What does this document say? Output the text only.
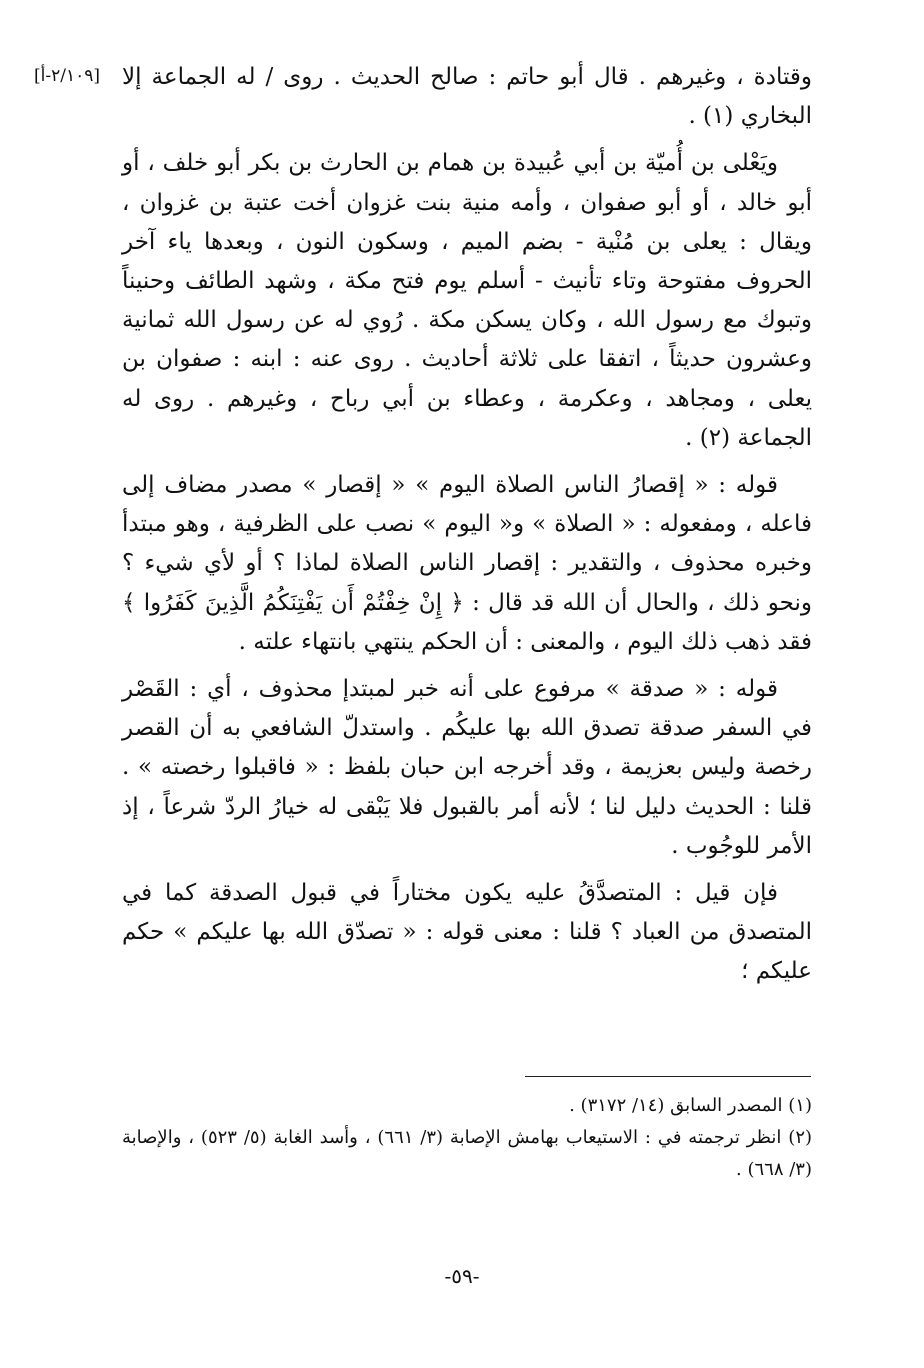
[٢/١٠٩-أ] وقتادة ، وغيرهم . قال أبو حاتم : صالح الحديث . روى / له الجماعة إلا البخاري (١) .

ويَعْلى بن أُميّة بن أبي عُبيدة بن همام بن الحارث بن بكر أبو خلف ، أو أبو خالد ، أو أبو صفوان ، وأمه منية بنت غزوان أخت عتبة بن غزوان ، ويقال : يعلى بن مُنْية - بضم الميم ، وسكون النون ، وبعدها ياء آخر الحروف مفتوحة وتاء تأنيث - أسلم يوم فتح مكة ، وشهد الطائف وحنيناً وتبوك مع رسول الله ، وكان يسكن مكة . رُوي له عن رسول الله ثمانية وعشرون حديثاً ، اتفقا على ثلاثة أحاديث . روى عنه : ابنه : صفوان بن يعلى ، ومجاهد ، وعكرمة ، وعطاء بن أبي رباح ، وغيرهم . روى له الجماعة (٢) .

قوله : « إقصارُ الناس الصلاة اليوم » « إقصار » مصدر مضاف إلى فاعله ، ومفعوله : « الصلاة » و« اليوم » نصب على الظرفية ، وهو مبتدأ وخبره محذوف ، والتقدير : إقصار الناس الصلاة لماذا ؟ أو لأي شيء ؟ ونحو ذلك ، والحال أن الله قد قال : ﴿ إِنْ خِفْتُمْ أَن يَفْتِنَكُمُ الَّذِينَ كَفَرُوا ﴾ فقد ذهب ذلك اليوم ، والمعنى : أن الحكم ينتهي بانتهاء علته .

قوله : « صدقة » مرفوع على أنه خبر لمبتدإ محذوف ، أي : القَصْر في السفر صدقة تصدق الله بها عليكُم . واستدلّ الشافعي به أن القصر رخصة وليس بعزيمة ، وقد أخرجه ابن حبان بلفظ : « فاقبلوا رخصته » . قلنا : الحديث دليل لنا ؛ لأنه أمر بالقبول فلا يَبْقى له خيارُ الردّ شرعاً ، إذ الأمر للوجُوب .

فإن قيل : المتصدَّقُ عليه يكون مختاراً في قبول الصدقة كما في المتصدق من العباد ؟ قلنا : معنى قوله : « تصدّق الله بها عليكم » حكم عليكم ؛

(١) المصدر السابق (١٤/ ٣١٧٢) .

(٢) انظر ترجمته في : الاستيعاب بهامش الإصابة (٣/ ٦٦١) ، وأسد الغابة (٥/ ٥٢٣) ، والإصابة (٣/ ٦٦٨) .

-٥٩-
